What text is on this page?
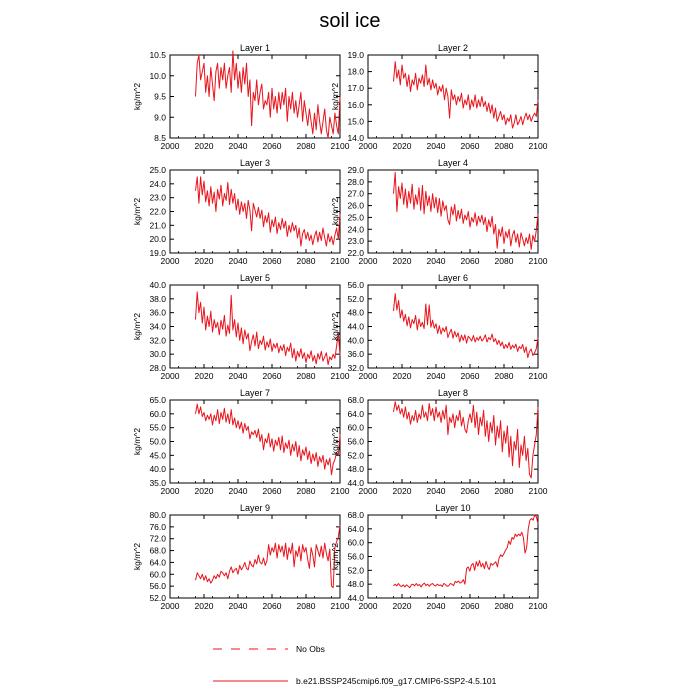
soil ice
Layer 1
kg/m^2
2000 2020 2040 2060 2080 2100
8.5
9.0
9.5
10.0
10.5
Layer 2
kg/m^2
2000 2020 2040 2060 2080 2100
14.0
15.0
16.0
17.0
18.0
19.0
Layer 3
kg/m^2
2000 2020 2040 2060 2080 2100
19.0
20.0
21.0
22.0
23.0
24.0
25.0
Layer 4
kg/m^2
2000 2020 2040 2060 2080 2100
22.0
23.0
24.0
25.0
26.0
27.0
28.0
29.0
Layer 5
kg/m^2
2000 2020 2040 2060 2080 2100
28.0
30.0
32.0
34.0
36.0
38.0
40.0
Layer 6
kg/m^2
2000 2020 2040 2060 2080 2100
32.0
36.0
40.0
44.0
48.0
52.0
56.0
Layer 7
kg/m^2
2000 2020 2040 2060 2080 2100
35.0
40.0
45.0
50.0
55.0
60.0
65.0
Layer 8
kg/m^2
2000 2020 2040 2060 2080 2100
44.0
48.0
52.0
56.0
60.0
64.0
68.0
Layer 9
kg/m^2
2000 2020 2040 2060 2080 2100
52.0
56.0
60.0
64.0
68.0
72.0
76.0
80.0
Layer 10
kg/m^2
2000 2020 2040 2060 2080 2100
44.0
48.0
52.0
56.0
60.0
64.0
68.0
No Obs
b.e21.BSSP245cmip6.f09_g17.CMIP6-SSP2-4.5.101
